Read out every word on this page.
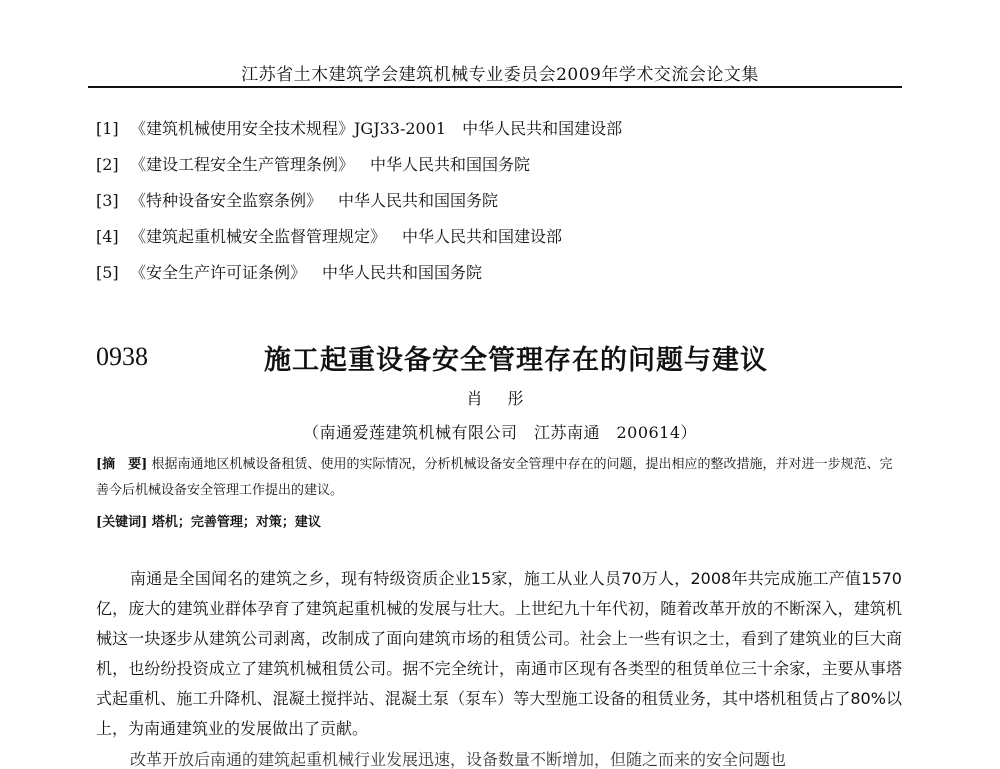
江苏省土木建筑学会建筑机械专业委员会2009年学术交流会论文集
[1] 《建筑机械使用安全技术规程》JGJ33-2001 中华人民共和国建设部
[2] 《建设工程安全生产管理条例》 中华人民共和国国务院
[3] 《特种设备安全监察条例》 中华人民共和国国务院
[4] 《建筑起重机械安全监督管理规定》 中华人民共和国建设部
[5] 《安全生产许可证条例》 中华人民共和国国务院
0938	施工起重设备安全管理存在的问题与建议
肖 彤
（南通爱莲建筑机械有限公司　江苏南通　200614）
[摘　要] 根据南通地区机械设备租赁、使用的实际情况，分析机械设备安全管理中存在的问题，提出相应的整改措施，并对进一步规范、完善今后机械设备安全管理工作提出的建议。
[关键词] 塔机；完善管理；对策；建议
南通是全国闻名的建筑之乡，现有特级资质企业15家，施工从业人员70万人，2008年共完成施工产值1570亿，庞大的建筑业群体孕育了建筑起重机械的发展与壮大。上世纪九十年代初，随着改革开放的不断深入，建筑机械这一块逐步从建筑公司剥离，改制成了面向建筑市场的租赁公司。社会上一些有识之士，看到了建筑业的巨大商机，也纷纷投资成立了建筑机械租赁公司。据不完全统计，南通市区现有各类型的租赁单位三十余家，主要从事塔式起重机、施工升降机、混凝土搅拌站、混凝土泵（泵车）等大型施工设备的租赁业务，其中塔机租赁占了80%以上，为南通建筑业的发展做出了贡献。
改革开放后南通的建筑起重机械行业发展迅速，设备数量不断增加，但随之而来的安全问题也
